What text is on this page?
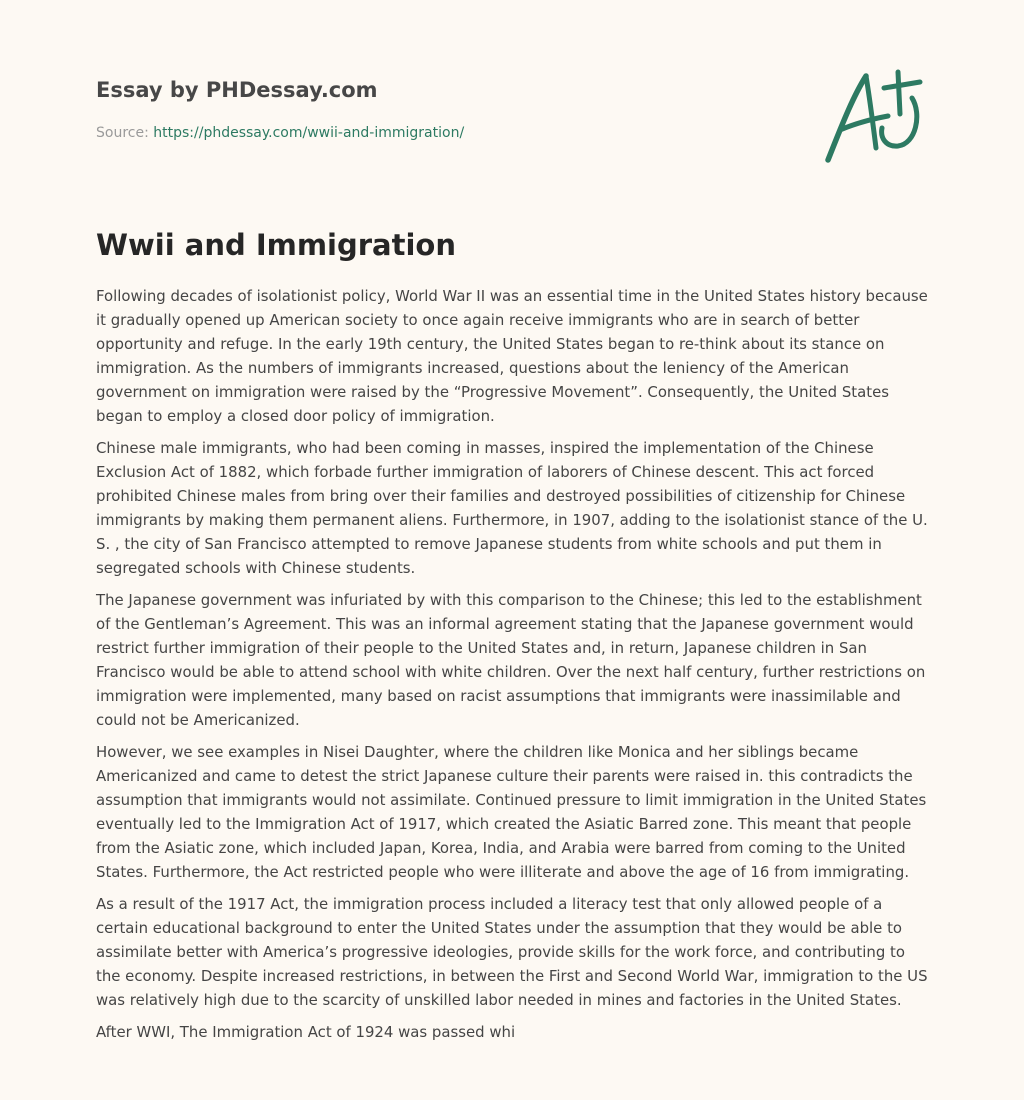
Essay by PHDessay.com
Source: https://phdessay.com/wwii-and-immigration/
Wwii and Immigration

Following decades of isolationist policy, World War II was an essential time in the United States history because it gradually opened up American society to once again receive immigrants who are in search of better opportunity and refuge. In the early 19th century, the United States began to re-think about its stance on immigration. As the numbers of immigrants increased, questions about the leniency of the American government on immigration were raised by the “Progressive Movement”. Consequently, the United States began to employ a closed door policy of immigration.

Chinese male immigrants, who had been coming in masses, inspired the implementation of the Chinese Exclusion Act of 1882, which forbade further immigration of laborers of Chinese descent. This act forced prohibited Chinese males from bring over their families and destroyed possibilities of citizenship for Chinese immigrants by making them permanent aliens. Furthermore, in 1907, adding to the isolationist stance of the U. S. , the city of San Francisco attempted to remove Japanese students from white schools and put them in segregated schools with Chinese students.

The Japanese government was infuriated by with this comparison to the Chinese; this led to the establishment of the Gentleman’s Agreement. This was an informal agreement stating that the Japanese government would restrict further immigration of their people to the United States and, in return, Japanese children in San Francisco would be able to attend school with white children. Over the next half century, further restrictions on immigration were implemented, many based on racist assumptions that immigrants were inassimilable and could not be Americanized.

However, we see examples in Nisei Daughter, where the children like Monica and her siblings became Americanized and came to detest the strict Japanese culture their parents were raised in. this contradicts the assumption that immigrants would not assimilate. Continued pressure to limit immigration in the United States eventually led to the Immigration Act of 1917, which created the Asiatic Barred zone. This meant that people from the Asiatic zone, which included Japan, Korea, India, and Arabia were barred from coming to the United States. Furthermore, the Act restricted people who were illiterate and above the age of 16 from immigrating.

As a result of the 1917 Act, the immigration process included a literacy test that only allowed people of a certain educational background to enter the United States under the assumption that they would be able to assimilate better with America’s progressive ideologies, provide skills for the work force, and contributing to the economy. Despite increased restrictions, in between the First and Second World War, immigration to the US was relatively high due to the scarcity of unskilled labor needed in mines and factories in the United States.

After WWI, The Immigration Act of 1924 was passed whi
